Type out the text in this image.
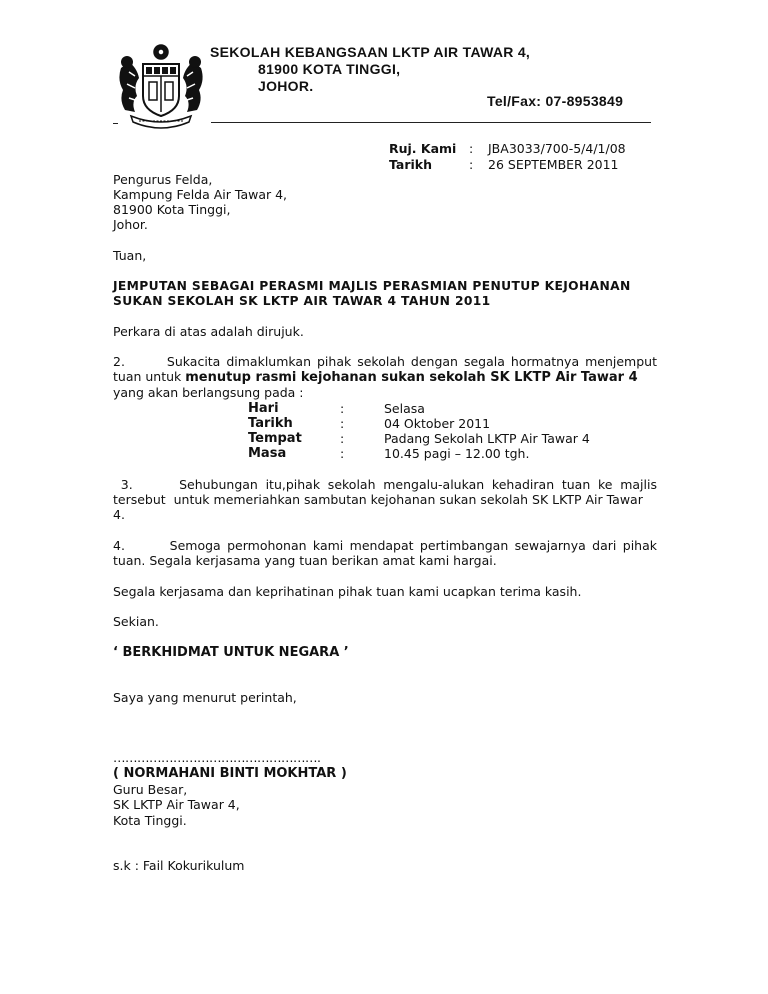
SEKOLAH KEBANGSAAN LKTP AIR TAWAR 4,
81900 KOTA TINGGI,
JOHOR.
Tel/Fax: 07-8953849
Ruj. Kami : JBA3033/700-5/4/1/08
Tarikh	: 26 SEPTEMBER 2011
Pengurus Felda,
Kampung Felda Air Tawar 4,
81900 Kota Tinggi,
Johor.
Tuan,
JEMPUTAN SEBAGAI PERASMI MAJLIS PERASMIAN PENUTUP KEJOHANAN
SUKAN SEKOLAH SK LKTP AIR TAWAR 4 TAHUN 2011
Perkara di atas adalah dirujuk.
2.       Sukacita dimaklumkan pihak sekolah dengan segala hormatnya menjemput
tuan untuk menutup rasmi kejohanan sukan sekolah SK LKTP Air Tawar 4
yang akan berlangsung pada :
Hari	:	Selasa
Tarikh	:	04 Oktober 2011
Tempat	:	Padang Sekolah LKTP Air Tawar 4
Masa	:	10.45 pagi – 12.00 tgh.
3.      Sehubungan itu,pihak sekolah mengalu-alukan kehadiran tuan ke majlis
tersebut  untuk memeriahkan sambutan kejohanan sukan sekolah SK LKTP Air Tawar
4.
4.       Semoga permohonan kami mendapat pertimbangan sewajarnya dari pihak
tuan. Segala kerjasama yang tuan berikan amat kami hargai.
Segala kerjasama dan keprihatinan pihak tuan kami ucapkan terima kasih.
Sekian.
‘ BERKHIDMAT UNTUK NEGARA ’
Saya yang menurut perintah,
…………………………………………….
( NORMAHANI BINTI MOKHTAR )
Guru Besar,
SK LKTP Air Tawar 4,
Kota Tinggi.
s.k : Fail Kokurikulum
